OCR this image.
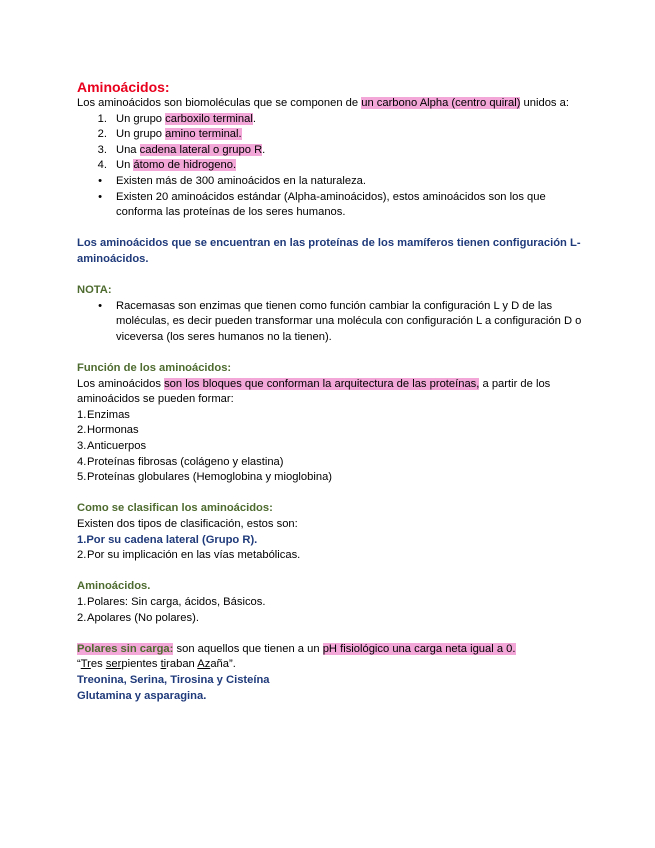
Aminoácidos:

Los aminoácidos son biomoléculas que se componen de un carbono Alpha (centro quiral) unidos a:

1. Un grupo carboxilo terminal.
2. Un grupo amino terminal.
3. Una cadena lateral o grupo R.
4. Un átomo de hidrogeno.
•	Existen más de 300 aminoácidos en la naturaleza.
•	Existen 20 aminoácidos estándar (Alpha-aminoácidos), estos aminoácidos son los que conforma las proteínas de los seres humanos.

Los aminoácidos que se encuentran en las proteínas de los mamíferos tienen configuración L-aminoácidos.

NOTA:

•	Racemasas son enzimas que tienen como función cambiar la configuración L y D de las moléculas, es decir pueden transformar una molécula con configuración L a configuración D o viceversa (los seres humanos no la tienen).

Función de los aminoácidos:

Los aminoácidos son los bloques que conforman la arquitectura de las proteínas, a partir de los aminoácidos se pueden formar:

1. Enzimas
2. Hormonas
3. Anticuerpos
4. Proteínas fibrosas (colágeno y elastina)
5. Proteínas globulares (Hemoglobina y mioglobina)

Como se clasifican los aminoácidos:

Existen dos tipos de clasificación, estos son:

1.Por su cadena lateral (Grupo R).

2. Por su implicación en las vías metabólicas.

Aminoácidos.

1. Polares: Sin carga, ácidos, Básicos.
2. Apolares (No polares).

Polares sin carga: son aquellos que tienen a un pH fisiológico una carga neta igual a 0.

“Tres serpientes tiraban Azaña”.

Treonina, Serina, Tirosina y Cisteína

Glutamina y asparagina.
